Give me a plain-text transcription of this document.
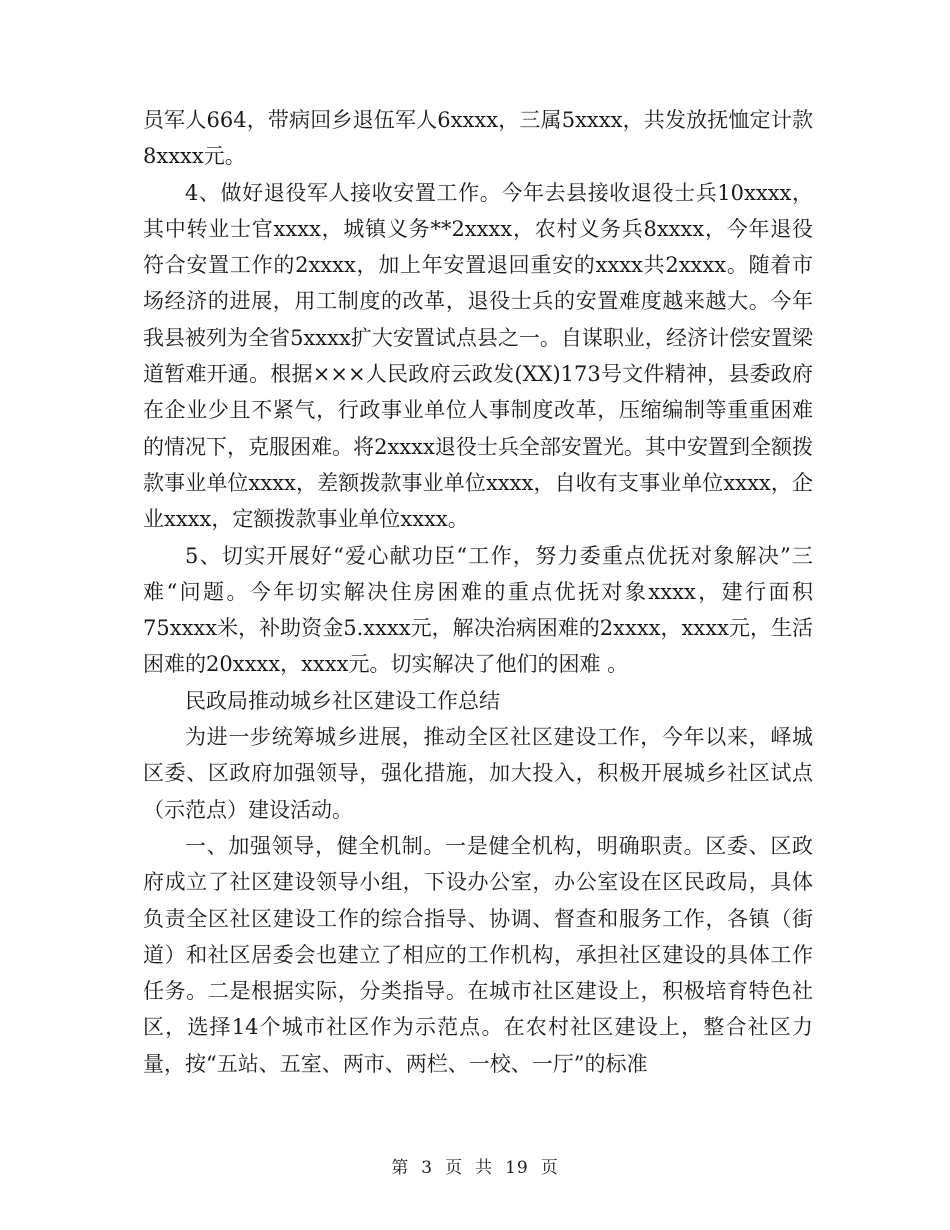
员军人664，带病回乡退伍军人6xxxx，三属5xxxx，共发放抚恤定计款8xxxx元。

4、做好退役军人接收安置工作。今年去县接收退役士兵10xxxx，其中转业士官xxxx，城镇义务**2xxxx，农村义务兵8xxxx，今年退役符合安置工作的2xxxx，加上年安置退回重安的xxxx共2xxxx。随着市场经济的进展，用工制度的改革，退役士兵的安置难度越来越大。今年我县被列为全省5xxxx扩大安置试点县之一。自谋职业，经济计偿安置梁道暂难开通。根据×××人民政府云政发(XX)173号文件精神，县委政府在企业少且不紧气，行政事业单位人事制度改革，压缩编制等重重困难的情况下，克服困难。将2xxxx退役士兵全部安置光。其中安置到全额拨款事业单位xxxx，差额拨款事业单位xxxx，自收有支事业单位xxxx，企业xxxx，定额拨款事业单位xxxx。

5、切实开展好“爱心献功臣“工作，努力委重点优抚对象解决”三难“问题。今年切实解决住房困难的重点优抚对象xxxx，建行面积75xxxx米，补助资金5.xxxx元，解决治病困难的2xxxx，xxxx元，生活困难的20xxxx，xxxx元。切实解决了他们的困难 。

民政局推动城乡社区建设工作总结

为进一步统筹城乡进展，推动全区社区建设工作，今年以来，峄城区委、区政府加强领导，强化措施，加大投入，积极开展城乡社区试点（示范点）建设活动。

一、加强领导，健全机制。一是健全机构，明确职责。区委、区政府成立了社区建设领导小组，下设办公室，办公室设在区民政局，具体负责全区社区建设工作的综合指导、协调、督查和服务工作，各镇（街道）和社区居委会也建立了相应的工作机构，承担社区建设的具体工作任务。二是根据实际，分类指导。在城市社区建设上，积极培育特色社区，选择14个城市社区作为示范点。在农村社区建设上，整合社区力量，按“五站、五室、两市、两栏、一校、一厅”的标准

第 3 页 共 19 页
